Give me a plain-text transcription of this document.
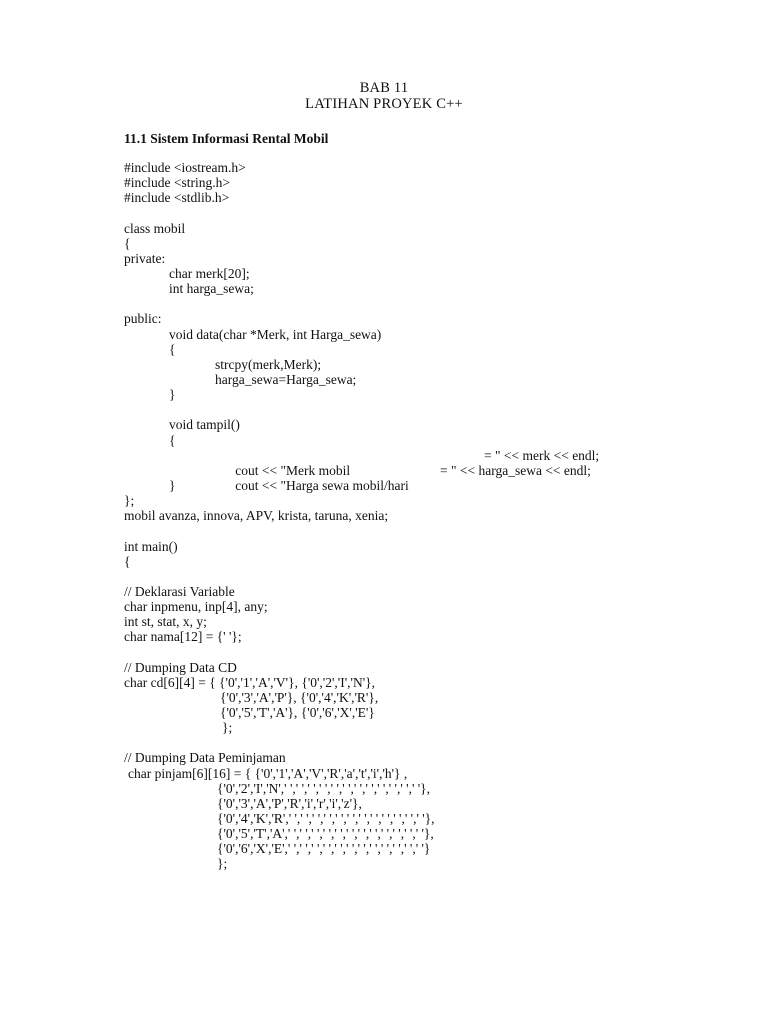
BAB 11
LATIHAN PROYEK C++
11.1 Sistem Informasi Rental Mobil
#include <iostream.h>
#include <string.h>
#include <stdlib.h>
class mobil
{
private:
char merk[20];
int harga_sewa;
public:
void data(char *Merk, int Harga_sewa)
{
strcpy(merk,Merk);
harga_sewa=Harga_sewa;
}
void tampil()
{

cout << "Merk mobil
= " << merk << endl;

cout << "Harga sewa mobil/hari
= " << harga_sewa << endl;

}
};
mobil avanza, innova, APV, krista, taruna, xenia;
int main()
{
// Deklarasi Variable
char inpmenu, inp[4], any;
int st, stat, x, y;
char nama[12] = {' '};
// Dumping Data CD
char cd[6][4] = { {'0','1','A','V'}, {'0','2','I','N'},
{'0','3','A','P'}, {'0','4','K','R'},
{'0','5','T','A'}, {'0','6','X','E'}
};
// Dumping Data Peminjaman
char pinjam[6][16] = { {'0','1','A','V','R','a','t','i','h'} ,
{'0','2','I','N',' ',' ',' ',' ',' ',' ',' ',' ',' ',' ',' ',' '},
{'0','3','A','P','R','i','r','i','z'},
{'0','4','K','R',' ',' ',' ',' ',' ',' ',' ',' ',' ',' ',' ',' '},
{'0','5','T','A',' ',' ',' ',' ',' ',' ',' ',' ',' ',' ',' ',' '},
{'0','6','X','E',' ',' ',' ',' ',' ',' ',' ',' ',' ',' ',' ',' '}
};
